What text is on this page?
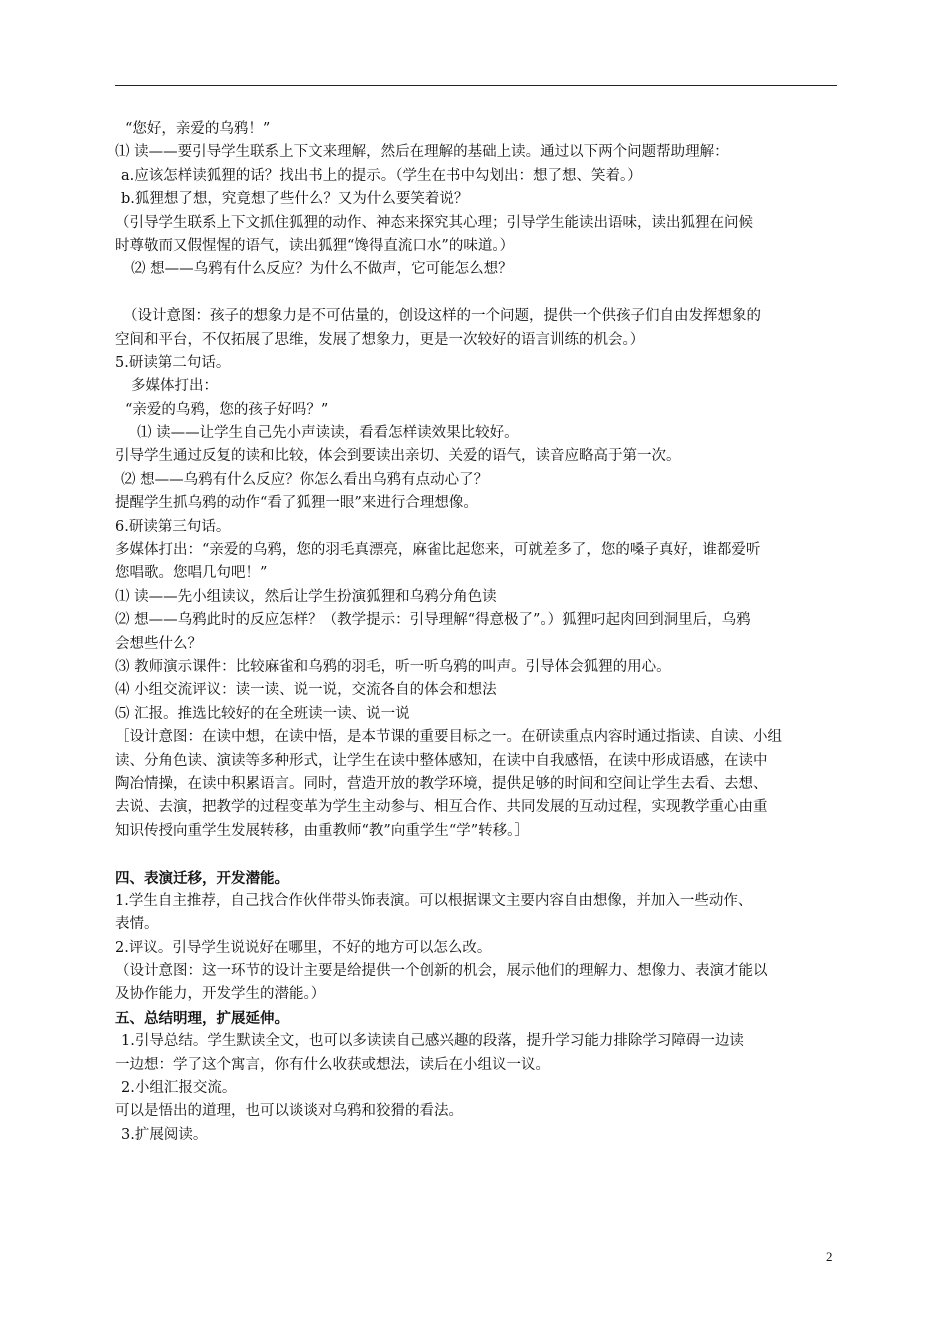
“您好，亲爱的乌鸦！”
⑴ 读——要引导学生联系上下文来理解，然后在理解的基础上读。通过以下两个问题帮助理解：
a.应该怎样读狐狸的话？找出书上的提示。（学生在书中勾划出：想了想、笑着。）
b.狐狸想了想，究竟想了些什么？又为什么要笑着说？
（引导学生联系上下文抓住狐狸的动作、神态来探究其心理；引导学生能读出语味，读出狐狸在问候
时尊敬而又假惺惺的语气，读出狐狸“馋得直流口水”的味道。）
⑵ 想——乌鸦有什么反应？为什么不做声，它可能怎么想？
（设计意图：孩子的想象力是不可估量的，创设这样的一个问题，提供一个供孩子们自由发挥想象的
空间和平台，不仅拓展了思维，发展了想象力，更是一次较好的语言训练的机会。）
5.研读第二句话。
多媒体打出：
“亲爱的乌鸦，您的孩子好吗？”
⑴ 读——让学生自己先小声读读，看看怎样读效果比较好。
引导学生通过反复的读和比较，体会到要读出亲切、关爱的语气，读音应略高于第一次。
⑵ 想——乌鸦有什么反应？你怎么看出乌鸦有点动心了？
提醒学生抓乌鸦的动作“看了狐狸一眼”来进行合理想像。
6.研读第三句话。
多媒体打出：“亲爱的乌鸦，您的羽毛真漂亮，麻雀比起您来，可就差多了，您的嗓子真好，谁都爱听
您唱歌。您唱几句吧！”
⑴ 读——先小组读议，然后让学生扮演狐狸和乌鸦分角色读
⑵ 想——乌鸦此时的反应怎样？（教学提示：引导理解“得意极了”。）狐狸叼起肉回到洞里后，乌鸦
会想些什么？
⑶ 教师演示课件：比较麻雀和乌鸦的羽毛，听一听乌鸦的叫声。引导体会狐狸的用心。
⑷ 小组交流评议：读一读、说一说，交流各自的体会和想法
⑸ 汇报。推选比较好的在全班读一读、说一说
［设计意图：在读中想，在读中悟，是本节课的重要目标之一。在研读重点内容时通过指读、自读、小组
读、分角色读、演读等多种形式，让学生在读中整体感知，在读中自我感悟，在读中形成语感，在读中
陶冶情操，在读中积累语言。同时，营造开放的教学环境，提供足够的时间和空间让学生去看、去想、
去说、去演，把教学的过程变革为学生主动参与、相互合作、共同发展的互动过程，实现教学重心由重
知识传授向重学生发展转移，由重教师“教”向重学生“学”转移。］
四、表演迁移，开发潜能。
1.学生自主推荐，自己找合作伙伴带头饰表演。可以根据课文主要内容自由想像，并加入一些动作、
表情。
2.评议。引导学生说说好在哪里，不好的地方可以怎么改。
（设计意图：这一环节的设计主要是给提供一个创新的机会，展示他们的理解力、想像力、表演才能以
及协作能力，开发学生的潜能。）
五、总结明理，扩展延伸。
1.引导总结。学生默读全文，也可以多读读自己感兴趣的段落，提升学习能力排除学习障碍一边读
一边想：学了这个寓言，你有什么收获或想法，读后在小组议一议。
2.小组汇报交流。
可以是悟出的道理，也可以谈谈对乌鸦和狡猾的看法。
3.扩展阅读。
2
